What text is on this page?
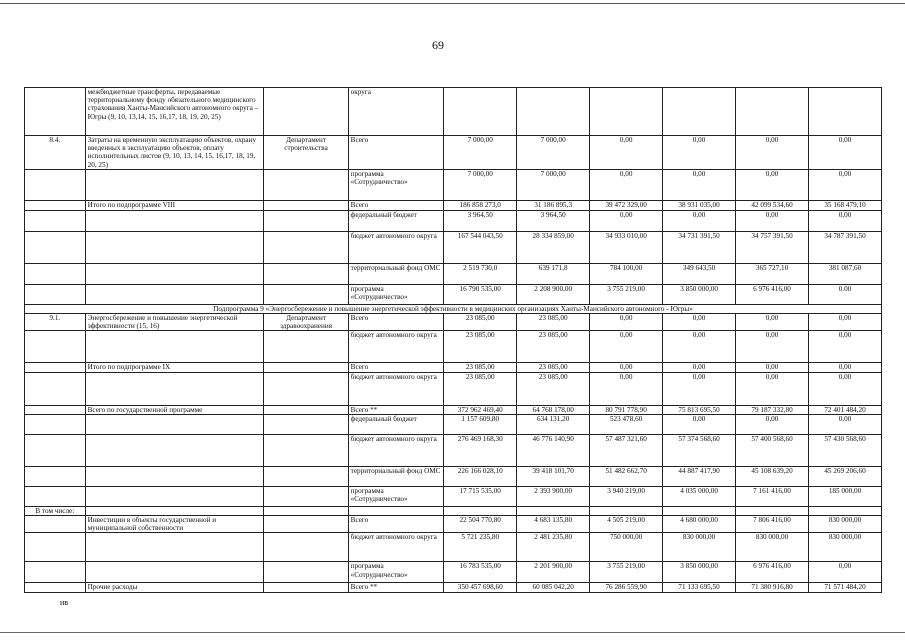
69
	межбюджетные трансферты, передаваемые территориальному фонду обязательного медицинского страхования Ханты-Мансийского автономного округа – Югры (9, 10, 13,14, 15, 16,17, 18, 19, 20, 25)		округа						
8.4.	Затраты на временную эксплуатацию объектов, охрану введенных в эксплуатацию объектов, оплату исполнительных листов (9, 10, 13, 14, 15, 16,17, 18, 19, 20, 25)	Департамент строительства	Всего	7 000,00	7 000,00	0,00	0,00	0,00	0,00
			программа «Сотрудничество»	7 000,00	7 000,00	0,00	0,00	0,00	0,00
	Итого по подпрограмме VIII		Всего	186 858 273,0	31 186 895,3	39 472 329,00	38 931 035,00	42 099 534,60	35 168 479,10
			федеральный бюджет	3 964,50	3 964,50	0,00	0,00	0,00	0,00
			бюджет автономного округа	167 544 043,50	28 334 859,00	34 933 010,00	34 731 391,50	34 757 391,50	34 787 391,50
			территориальный фонд ОМС	2 519 730,0	639 171,8	784 100,00	349 643,50	365 727,10	381 087,60
			программа «Сотрудничество»	16 790 535,00	2 208 900,00	3 755 219,00	3 850 000,00	6 976 416,00	0.00
Подпрограмма 9 «Энергосбережение и повышение энергетической эффективности в медицинских организациях Ханты-Мансийского автономного - Югры»									
9.1.	Энергосбережение и повышение энергетической эффективности (15, 16)	Департамент здравоохранения	Всего	23 085,00	23 085,00	0,00	0,00	0,00	0,00
			бюджет автономного округа	23 085,00	23 085,00	0,00	0,00	0,00	0,00
	Итого по подпрограмме IX		Всего	23 085,00	23 085,00	0,00	0,00	0,00	0,00
			бюджет автономного округа	23 085,00	23 085,00	0,00	0,00	0,00	0,00
	Всего по государственной программе		Всего **	372 962 469,40	64 768 178,00	80 791 778,90	75 813 695,50	79 187 332,80	72 401 484,20
			федеральный бюджет	1 157 609,80	634 131,20	523 478,60	0,00	0,00	0,00
			бюджет автономного округа	276 469 168,30	46 776 140,90	57 487 321,60	57 374 568,60	57 400 568,60	57 430 568,60
			территориальный фонд ОМС	226 166 028,10	39 418 101,70	51 482 662,70	44 887 417,90	45 108 639,20	45 269 206,60
			программа «Сотрудничество»	17 715 535,00	2 393 900,00	3 940 219,00	4 035 000,00	7 161 416,00	185 000,00
В том числе:									
	Инвестиции в объекты государственной и муниципальной собственности		Всего	22 504 770,80	4 683 135,80	4 505 219,00	4 680 000,00	7 806 416,00	830 000,00
			бюджет автономного округа	5 721 235,80	2 481 235,80	750 000,00	830 000,00	830 000,00	830 000,00
			программа «Сотрудничество»	16 783 535,00	2 201 900,00	3 755 219,00	3 850 000,00	6 976 416,00	0,00
	Прочие расходы		Всего **	350 457 698,60	60 085 042,20	76 286 559,90	71 133 695,50	71 380 916,80	71 571 484,20
ив
